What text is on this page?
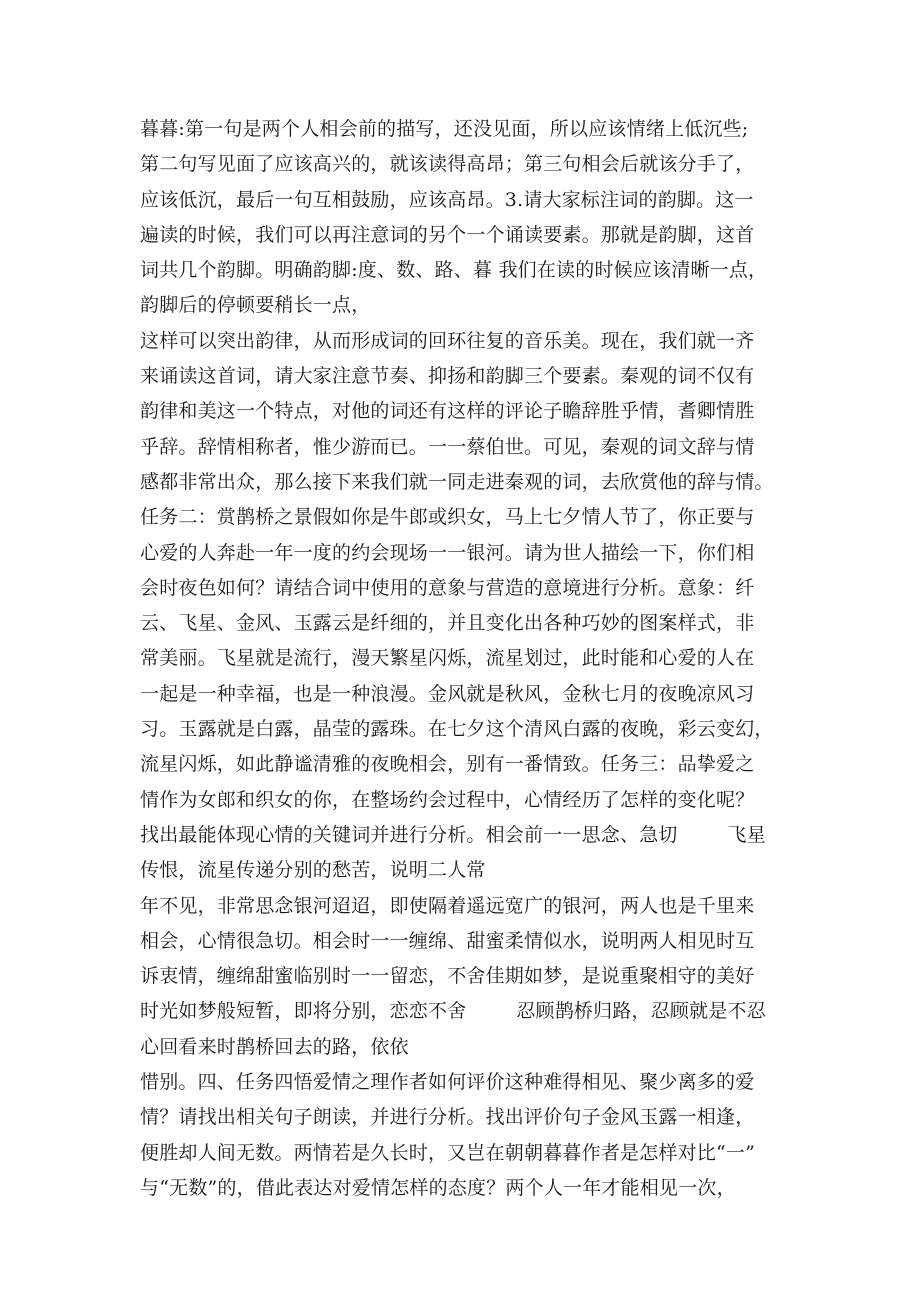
暮暮:第一句是两个人相会前的描写，还没见面，所以应该情绪上低沉些;
第二句写见面了应该高兴的，就该读得高昂；第三句相会后就该分手了，
应该低沉，最后一句互相鼓励，应该高昂。3.请大家标注词的韵脚。这一
遍读的时候，我们可以再注意词的另个一个诵读要素。那就是韵脚，这首
词共几个韵脚。明确韵脚:度、数、路、暮 我们在读的时候应该清晰一点，
韵脚后的停顿要稍长一点，
这样可以突出韵律，从而形成词的回环往复的音乐美。现在，我们就一齐
来诵读这首词，请大家注意节奏、抑扬和韵脚三个要素。秦观的词不仅有
韵律和美这一个特点，对他的词还有这样的评论子瞻辞胜乎情，耆卿情胜
乎辞。辞情相称者，惟少游而已。一一蔡伯世。可见，秦观的词文辞与情
感都非常出众，那么接下来我们就一同走进秦观的词，去欣赏他的辞与情。
任务二：赏鹊桥之景假如你是牛郎或织女，马上七夕情人节了，你正要与
心爱的人奔赴一年一度的约会现场一一银河。请为世人描绘一下，你们相
会时夜色如何？请结合词中使用的意象与营造的意境进行分析。意象：纤
云、飞星、金风、玉露云是纤细的，并且变化出各种巧妙的图案样式，非
常美丽。飞星就是流行，漫天繁星闪烁，流星划过，此时能和心爱的人在
一起是一种幸福，也是一种浪漫。金风就是秋风，金秋七月的夜晚凉风习
习。玉露就是白露，晶莹的露珠。在七夕这个清风白露的夜晚，彩云变幻，
流星闪烁，如此静谧清雅的夜晚相会，别有一番情致。任务三：品挚爱之
情作为女郎和织女的你，在整场约会过程中，心情经历了怎样的变化呢？
找出最能体现心情的关键词并进行分析。相会前一一思念、急切        飞星
传恨，流星传递分别的愁苦，说明二人常
年不见，非常思念银河迢迢，即使隔着遥远宽广的银河，两人也是千里来
相会，心情很急切。相会时一一缠绵、甜蜜柔情似水，说明两人相见时互
诉衷情，缠绵甜蜜临别时一一留恋，不舍佳期如梦，是说重聚相守的美好
时光如梦般短暂，即将分别，恋恋不舍        忍顾鹊桥归路，忍顾就是不忍
心回看来时鹊桥回去的路，依依
惜别。四、任务四悟爱情之理作者如何评价这种难得相见、聚少离多的爱
情？请找出相关句子朗读，并进行分析。找出评价句子金风玉露一相逢，
便胜却人间无数。两情若是久长时，又岂在朝朝暮暮作者是怎样对比“一”
与“无数”的，借此表达对爱情怎样的态度？两个人一年才能相见一次，
